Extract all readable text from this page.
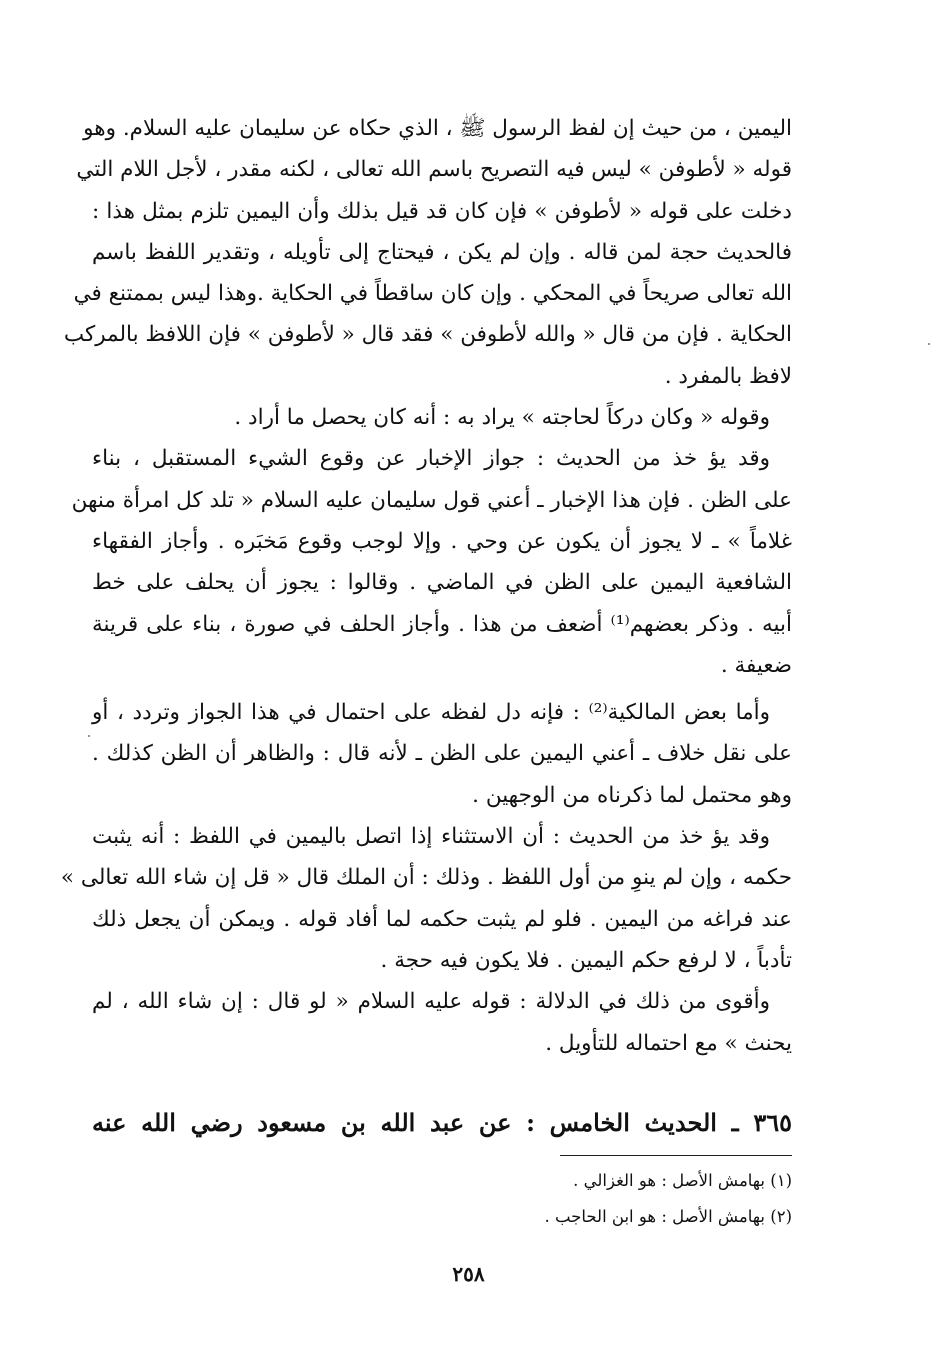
اليمين ، من حيث إن لفظ الرسول ﷺ ، الذي حكاه عن سليمان عليه السلام. وهو
قوله « لأطوفن » ليس فيه التصريح باسم الله تعالى ، لكنه مقدر ، لأجل اللام التي
دخلت على قوله « لأطوفن » فإن كان قد قيل بذلك وأن اليمين تلزم بمثل هذا :
فالحديث حجة لمن قاله . وإن لم يكن ، فيحتاج إلى تأويله ، وتقدير اللفظ باسم
الله تعالى صريحاً في المحكي . وإن كان ساقطاً في الحكاية .وهذا ليس بممتنع في
الحكاية . فإن من قال « والله لأطوفن » فقد قال « لأطوفن » فإن اللافظ بالمركب
لافظ بالمفرد .
وقوله « وكان دركاً لحاجته » يراد به : أنه كان يحصل ما أراد .
وقد يؤ خذ من الحديث : جواز الإخبار عن وقوع الشيء المستقبل ، بناء
على الظن . فإن هذا الإخبار ـ أعني قول سليمان عليه السلام « تلد كل امرأة منهن
غلاماً » ـ لا يجوز أن يكون عن وحي . وإلا لوجب وقوع مَخبَره . وأجاز الفقهاء
الشافعية اليمين على الظن في الماضي . وقالوا : يجوز أن يحلف على خط
أبيه . وذكر بعضهم⁽¹⁾ أضعف من هذا . وأجاز الحلف في صورة ، بناء على قرينة
ضعيفة .
وأما بعض المالكية⁽²⁾ : فإنه دل لفظه على احتمال في هذا الجواز وتردد ، أو
على نقل خلاف ـ أعني اليمين على الظن ـ لأنه قال : والظاهر أن الظن كذلك .
وهو محتمل لما ذكرناه من الوجهين .
وقد يؤ خذ من الحديث : أن الاستثناء إذا اتصل باليمين في اللفظ : أنه يثبت
حكمه ، وإن لم ينوِ من أول اللفظ . وذلك : أن الملك قال « قل إن شاء الله تعالى »
عند فراغه من اليمين . فلو لم يثبت حكمه لما أفاد قوله . ويمكن أن يجعل ذلك
تأدباً ، لا لرفع حكم اليمين . فلا يكون فيه حجة .
وأقوى من ذلك في الدلالة : قوله عليه السلام « لو قال : إن شاء الله ، لم
يحنث » مع احتماله للتأويل .
٣٦٥ ـ الحديث الخامس : عن عبد الله بن مسعود رضي الله عنه
(١) بهامش الأصل : هو الغزالي .
(٢) بهامش الأصل : هو ابن الحاجب .
٢٥٨
